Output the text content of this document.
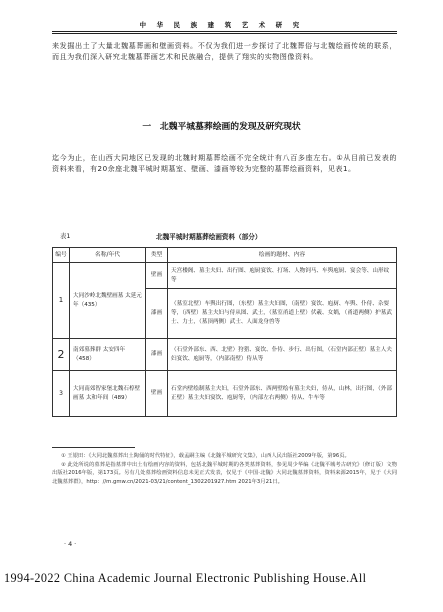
中 华 民 族 建 筑 艺 术 研 究
来发掘出土了大量北魏墓葬画和壁画资料。不仅为我们进一步探讨了北魏葬俗与北魏绘画传统的联系，而且为我们深入研究北魏墓葬画艺术和民族融合，提供了翔实的实物图像资料。
一　北魏平城墓葬绘画的发现及研究现状
迄今为止，在山西大同地区已发现的北魏时期墓葬绘画不完全统计有八百多座左右。①从目前已发表的资料来看，有20余座北魏平城时期墓室、壁画、漆画等较为完整的墓葬绘画资料，见表1。
表1	北魏平城时期墓葬绘画资料（部分）
编号	名称/年代	类型	绘画的题材、内容
1	大同沙岭北魏壁画墓 太延元年（435）	壁画	天宫楼阁、墓主夫妇、出行图、庖厨宴饮、打场、人物饲马、车舆庖厨、宴会等、山形纹等
		漆画	（墓室北壁）车舆出行图，（东壁）墓主夫妇图，（南壁）宴饮、庖厨、车舆、仆侍、杂耍等，（西壁）墓主夫妇与侍从图、武士，（墓室甬道上壁）伏羲、女娲，（甬道两侧）护墓武士、力士，（墓顶两侧）武士、人面龙身兽等
2	南郊墓葬群 太安四年（458）	漆画	（石堂外部东、西、北壁）狩猎、宴饮、仆侍、步行、出行图，（石堂内部正壁）墓主人夫妇宴饮、庖厨等，（内部南壁）侍从等
3	大同南郊智家堡北魏石椁壁画墓 太和年间（489）	壁画	石堂内壁绘制墓主夫妇，石堂外部东、西两壁绘有墓主夫妇，侍从，山林，出行图，（外部正壁）墓主夫妇宴饮、庖厨等，（内部左右两侧）侍从、牛车等

① 王银田：《大同北魏墓葬出土陶俑的时代特征》，载孟嗣主编《北魏平城研究文集》，山西人民出版社2009年版，第96页。

② 此处所说的墓葬是指墓葬中出土有绘画内容的资料，包括北魏平城时期的各类墓葬资料，参见周少华编《北魏平城考古研究》（修订版）文物出版社2016年版，第173页。另有几处墓葬绘画资料信息未见正式发表，仅见于《中国·北魏》大同北魏墓葬资料，资料来源2015年，见于《大同北魏墓葬群》，http：//m.gmw.cn/2021-03/21/content_1302201927.htm 2021年3月21日。

· 4 ·
1994-2022 China Academic Journal Electronic Publishing House.All
